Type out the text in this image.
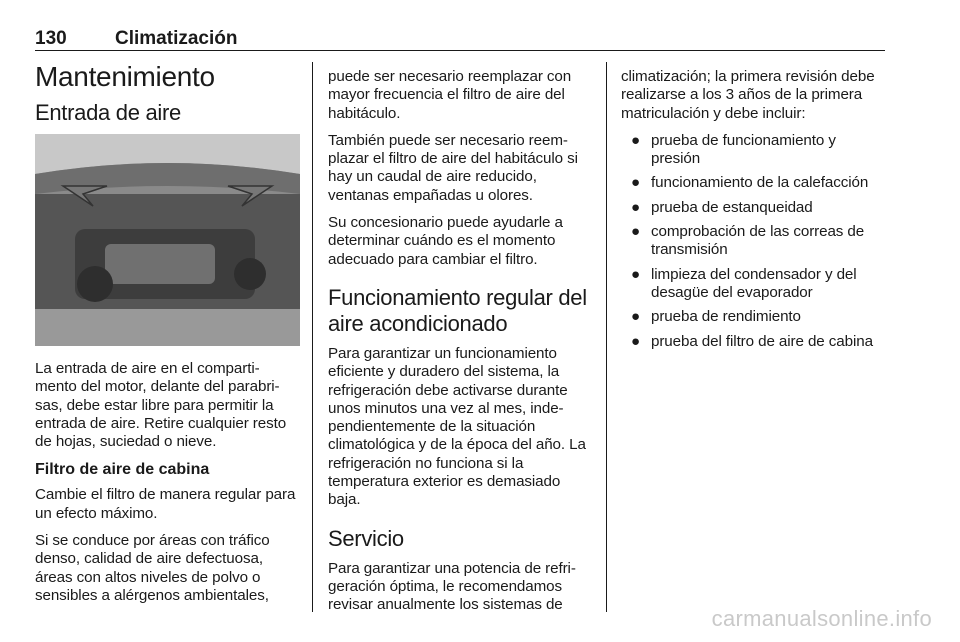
130	Climatización
Mantenimiento
Entrada de aire

La entrada de aire en el comparti-mento del motor, delante del parabri-sas, debe estar libre para permitir la entrada de aire. Retire cualquier resto de hojas, suciedad o nieve.

Filtro de aire de cabina

Cambie el filtro de manera regular para un efecto máximo.

Si se conduce por áreas con tráfico denso, calidad de aire defectuosa, áreas con altos niveles de polvo o sensibles a alérgenos ambientales,

puede ser necesario reemplazar con mayor frecuencia el filtro de aire del habitáculo.

También puede ser necesario reem-plazar el filtro de aire del habitáculo si hay un caudal de aire reducido, ventanas empañadas u olores.

Su concesionario puede ayudarle a determinar cuándo es el momento adecuado para cambiar el filtro.

Funcionamiento regular del aire acondicionado

Para garantizar un funcionamiento eficiente y duradero del sistema, la refrigeración debe activarse durante unos minutos una vez al mes, inde-pendientemente de la situación climatológica y de la época del año. La refrigeración no funciona si la temperatura exterior es demasiado baja.

Servicio

Para garantizar una potencia de refri-geración óptima, le recomendamos revisar anualmente los sistemas de

climatización; la primera revisión debe realizarse a los 3 años de la primera matriculación y debe incluir:

● prueba de funcionamiento y presión
● funcionamiento de la calefacción
● prueba de estanqueidad
● comprobación de las correas de transmisión
● limpieza del condensador y del desagüe del evaporador
● prueba de rendimiento
● prueba del filtro de aire de cabina
carmanualsonline.info
